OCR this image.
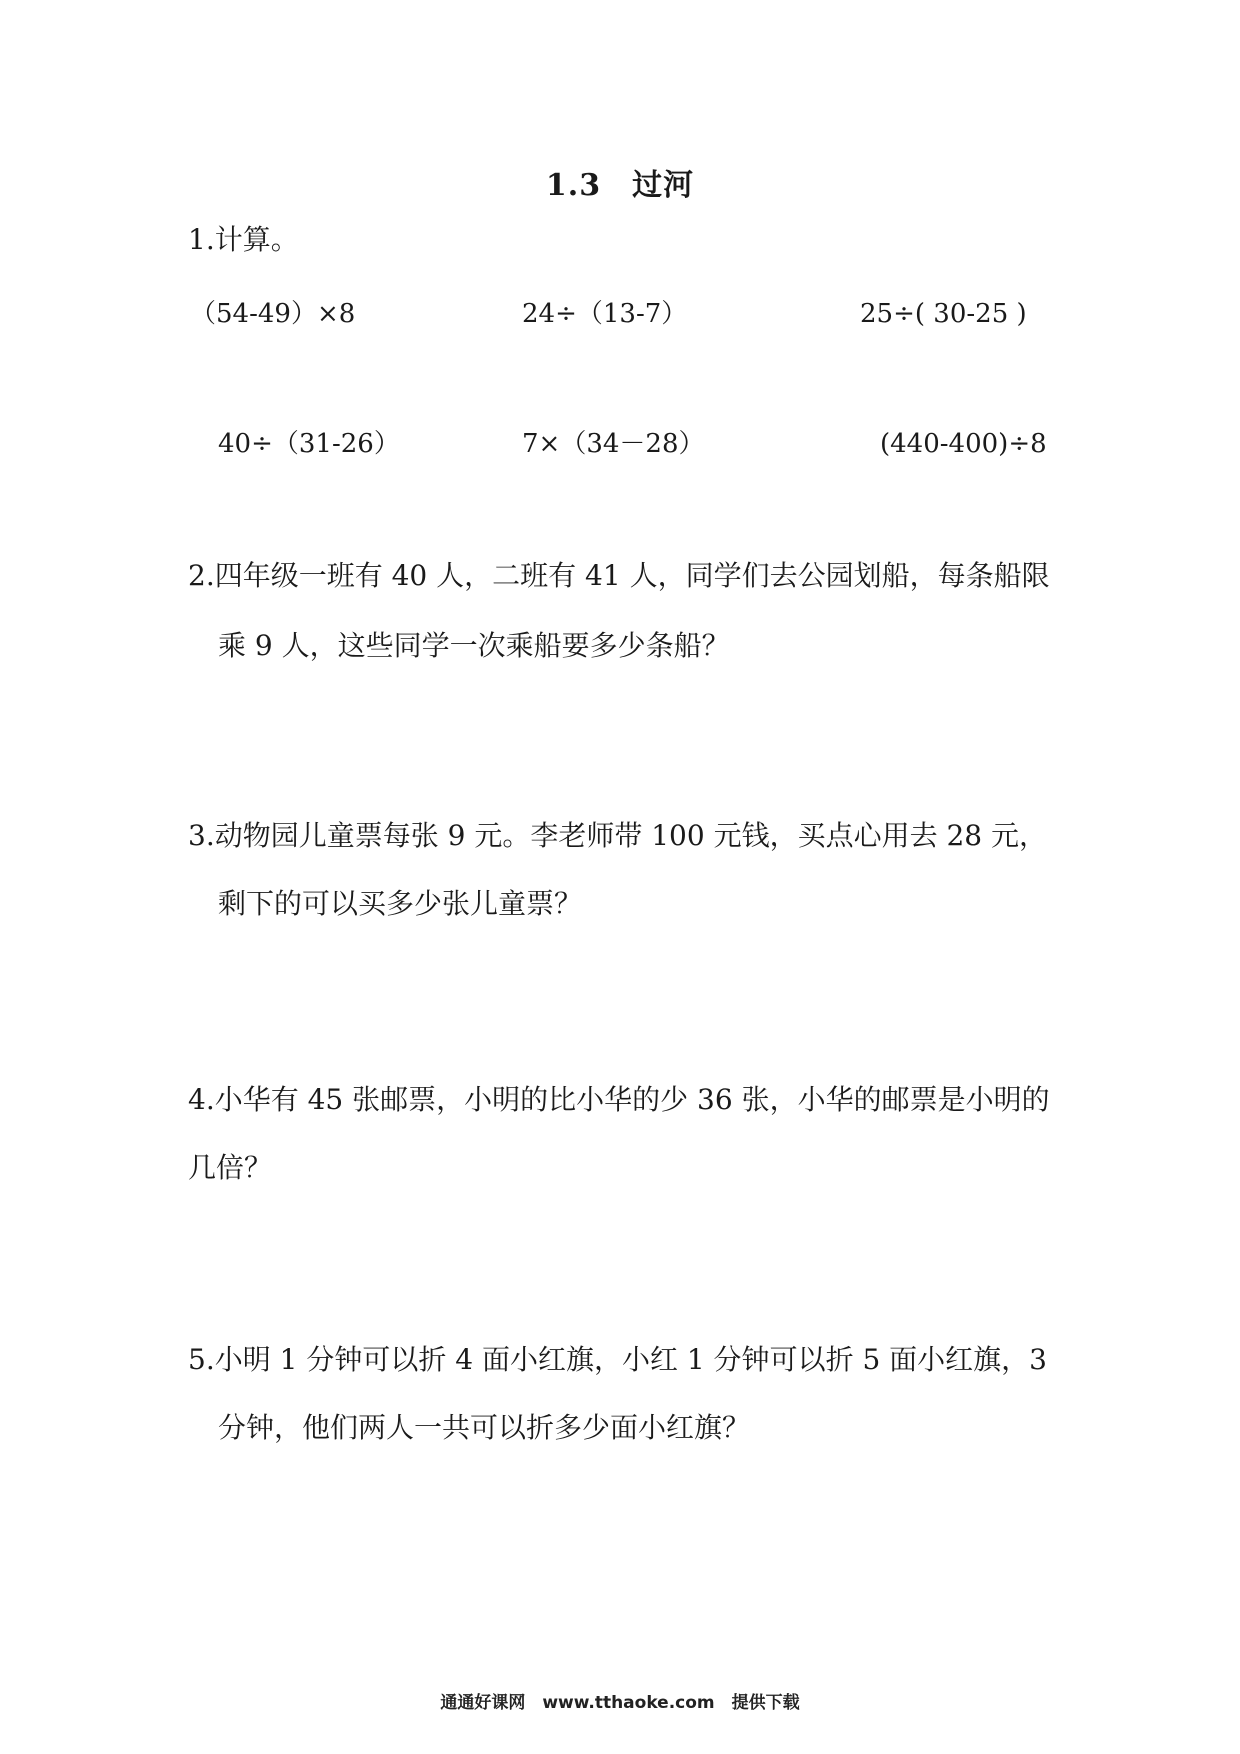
1.3　过河
1.计算。
（54-49）×8	24÷（13-7）	25÷( 30-25 )
40÷（31-26）	7×（34－28）	(440-400)÷8
2.四年级一班有 40 人，二班有 41 人，同学们去公园划船，每条船限
乘 9 人，这些同学一次乘船要多少条船？
3.动物园儿童票每张 9 元。李老师带 100 元钱，买点心用去 28 元，
剩下的可以买多少张儿童票？
4.小华有 45 张邮票，小明的比小华的少 36 张，小华的邮票是小明的
几倍？
5.小明 1 分钟可以折 4 面小红旗，小红 1 分钟可以折 5 面小红旗，3
分钟，他们两人一共可以折多少面小红旗？
通通好课网　www.tthaoke.com　提供下载
